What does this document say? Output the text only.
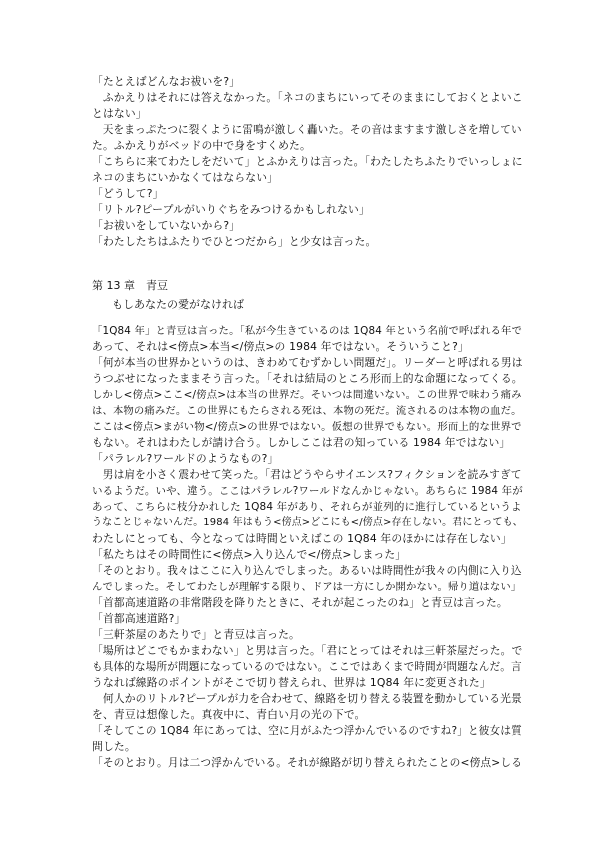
「たとえばどんなお祓いを?」
　ふかえりはそれには答えなかった。「ネコのまちにいってそのままにしておくとよいこ
とはない」
　天をまっぷたつに裂くように雷鳴が激しく轟いた。その音はますます激しさを増してい
た。ふかえりがベッドの中で身をすくめた。
「こちらに来てわたしをだいて」とふかえりは言った。「わたしたちふたりでいっしょに
ネコのまちにいかなくてはならない」
「どうして?」
「リトル?ピープルがいりぐちをみつけるかもしれない」
「お祓いをしていないから?」
「わたしたちはふたりでひとつだから」と少女は言った。
第 13 章　青豆
もしあなたの愛がなければ
「1Q84 年」と青豆は言った。「私が今生きているのは 1Q84 年という名前で呼ばれる年で
あって、それは<傍点>本当</傍点>の 1984 年ではない。そういうこと?」
「何が本当の世界かというのは、きわめてむずかしい問題だ」。リーダーと呼ばれる男は
うつぶせになったままそう言った。「それは結局のところ形而上的な命題になってくる。
しかし<傍点>ここ</傍点>は本当の世界だ。そいつは間違いない。この世界で味わう痛み
は、本物の痛みだ。この世界にもたらされる死は、本物の死だ。流されるのは本物の血だ。
ここは<傍点>まがい物</傍点>の世界ではない。仮想の世界でもない。形而上的な世界で
もない。それはわたしが請け合う。しかしここは君の知っている 1984 年ではない」
「パラレル?ワールドのようなもの?」
　男は肩を小さく震わせて笑った。「君はどうやらサイエンス?フィクションを読みすぎて
いるようだ。いや、違う。ここはパラレル?ワールドなんかじゃない。あちらに 1984 年が
あって、こちらに枝分かれした 1Q84 年があり、それらが並列的に進行しているというよ
うなことじゃないんだ。1984 年はもう<傍点>どこにも</傍点>存在しない。君にとっても、
わたしにとっても、今となっては時間といえばこの 1Q84 年のほかには存在しない」
「私たちはその時間性に<傍点>入り込んで</傍点>しまった」
「そのとおり。我々はここに入り込んでしまった。あるいは時間性が我々の内側に入り込
んでしまった。そしてわたしが理解する限り、ドアは一方にしか開かない。帰り道はない」
「首都高速道路の非常階段を降りたときに、それが起こったのね」と青豆は言った。
「首都高速道路?」
「三軒茶屋のあたりで」と青豆は言った。
「場所はどこでもかまわない」と男は言った。「君にとってはそれは三軒茶屋だった。で
も具体的な場所が問題になっているのではない。ここではあくまで時間が問題なんだ。言
うなれば線路のポイントがそこで切り替えられ、世界は 1Q84 年に変更された」
　何人かのリトル?ピープルが力を合わせて、線路を切り替える装置を動かしている光景
を、青豆は想像した。真夜中に、青白い月の光の下で。
「そしてこの 1Q84 年にあっては、空に月がふたつ浮かんでいるのですね?」と彼女は質
問した。
「そのとおり。月は二つ浮かんでいる。それが線路が切り替えられたことの<傍点>しる
